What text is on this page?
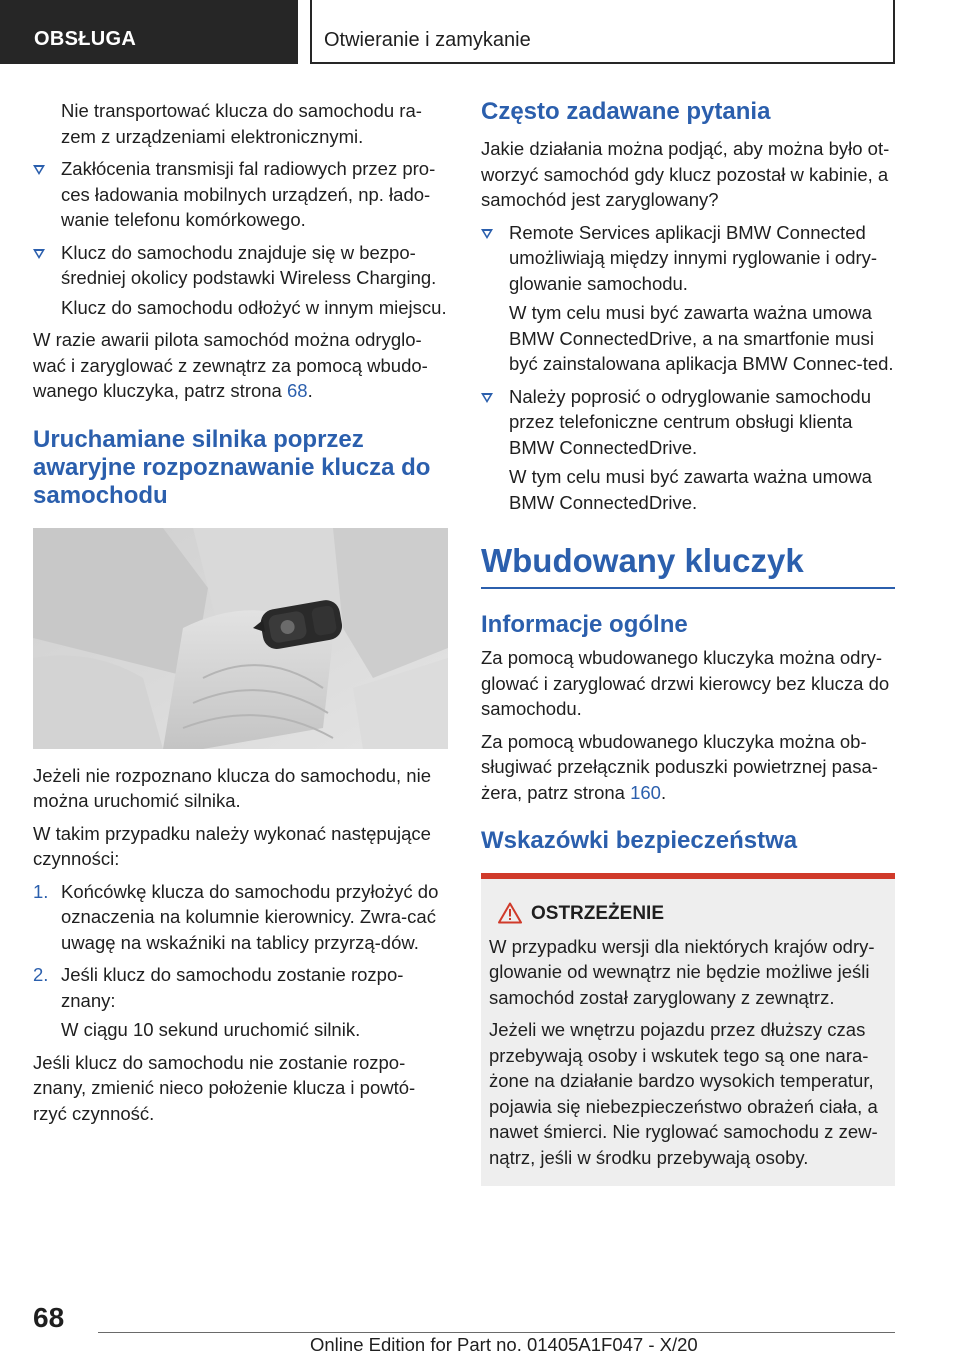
OBSŁUGA	Otwieranie i zamykanie
Nie transportować klucza do samochodu ra-zem z urządzeniami elektronicznymi.
Zakłócenia transmisji fal radiowych przez pro-ces ładowania mobilnych urządzeń, np. łado-wanie telefonu komórkowego.
Klucz do samochodu znajduje się w bezpo-średniej okolicy podstawki Wireless Charging.
Klucz do samochodu odłożyć w innym miejscu.
W razie awarii pilota samochód można odryglo-wać i zaryglować z zewnątrz za pomocą wbudo-wanego kluczyka, patrz strona 68.
Uruchamiane silnika poprzez awaryjne rozpoznawanie klucza do samochodu
Jeżeli nie rozpoznano klucza do samochodu, nie można uruchomić silnika.
W takim przypadku należy wykonać następujące czynności:
1. Końcówkę klucza do samochodu przyłożyć do oznaczenia na kolumnie kierownicy. Zwra-cać uwagę na wskaźniki na tablicy przyrzą-dów.
2. Jeśli klucz do samochodu zostanie rozpo-znany:
W ciągu 10 sekund uruchomić silnik.
Jeśli klucz do samochodu nie zostanie rozpo-znany, zmienić nieco położenie klucza i powtó-rzyć czynność.
Często zadawane pytania
Jakie działania można podjąć, aby można było ot-worzyć samochód gdy klucz pozostał w kabinie, a samochód jest zaryglowany?
Remote Services aplikacji BMW Connected umożliwiają między innymi ryglowanie i odry-glowanie samochodu.
W tym celu musi być zawarta ważna umowa BMW ConnectedDrive, a na smartfonie musi być zainstalowana aplikacja BMW Connec-ted.
Należy poprosić o odryglowanie samochodu przez telefoniczne centrum obsługi klienta BMW ConnectedDrive.
W tym celu musi być zawarta ważna umowa BMW ConnectedDrive.
Wbudowany kluczyk
Informacje ogólne
Za pomocą wbudowanego kluczyka można odry-glować i zaryglować drzwi kierowcy bez klucza do samochodu.
Za pomocą wbudowanego kluczyka można ob-sługiwać przełącznik poduszki powietrznej pasa-żera, patrz strona 160.
Wskazówki bezpieczeństwa
OSTRZEŻENIE
W przypadku wersji dla niektórych krajów odry-glowanie od wewnątrz nie będzie możliwe jeśli samochód został zaryglowany z zewnątrz.
Jeżeli we wnętrzu pojazdu przez dłuższy czas przebywają osoby i wskutek tego są one nara-żone na działanie bardzo wysokich temperatur, pojawia się niebezpieczeństwo obrażeń ciała, a nawet śmierci. Nie ryglować samochodu z zew-nątrz, jeśli w środku przebywają osoby.
68
Online Edition for Part no. 01405A1F047 - X/20
